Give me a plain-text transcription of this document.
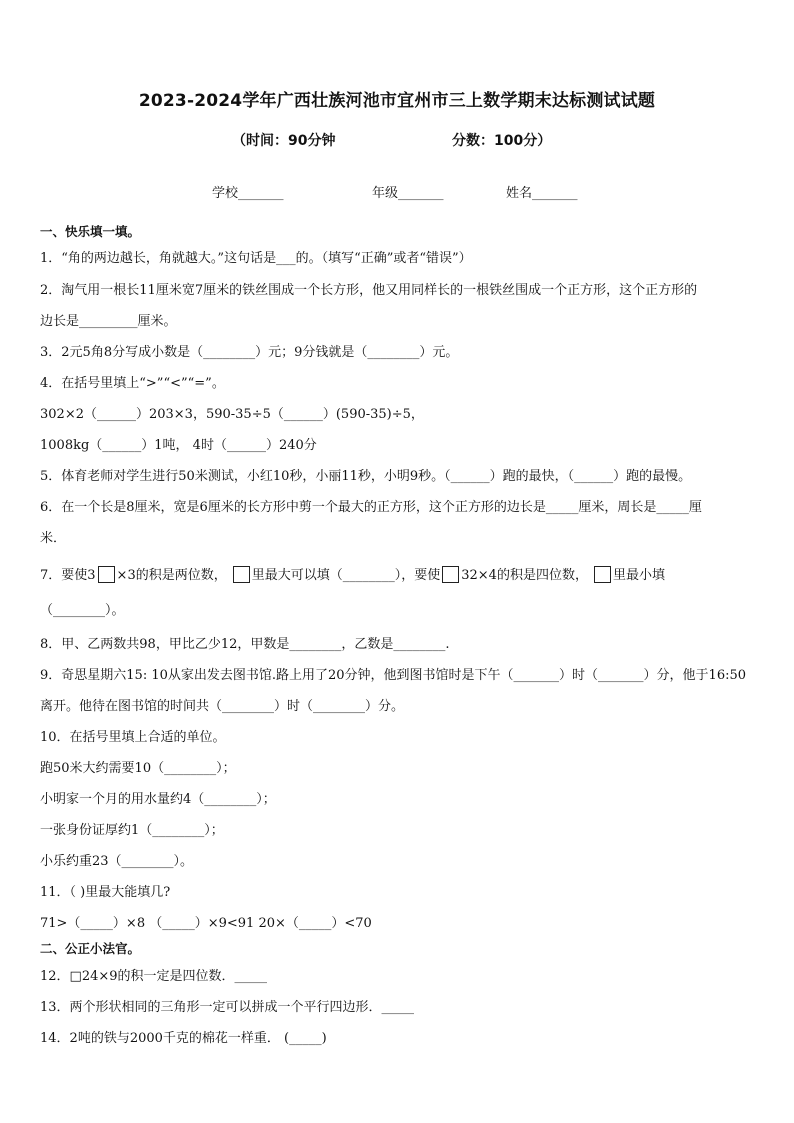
2023-2024学年广西壮族河池市宜州市三上数学期末达标测试试题
（时间：90分钟	分数：100分）
学校_______	年级_______	姓名_______
一、快乐填一填。
1．“角的两边越长，角就越大。”这句话是___的。（填写“正确”或者“错误”）
2．淘气用一根长11厘米宽7厘米的铁丝围成一个长方形，他又用同样长的一根铁丝围成一个正方形，这个正方形的
边长是_________厘米。
3．2元5角8分写成小数是（________）元；9分钱就是（________）元。
4．在括号里填上“>”“<”“=”。
302×2（______）203×3，590-35÷5（______）(590-35)÷5，
1008kg（______）1吨， 4时（______）240分
5．体育老师对学生进行50米测试，小红10秒，小丽11秒，小明9秒。（______）跑的最快，（______）跑的最慢。
6．在一个长是8厘米，宽是6厘米的长方形中剪一个最大的正方形，这个正方形的边长是_____厘米，周长是_____厘
米．
7．要使3 ×3的积是两位数， 里最大可以填（________），要使 32×4的积是四位数， 里最小填
（________）。
8．甲、乙两数共98，甲比乙少12，甲数是________，乙数是________.
9．奇思星期六15: 10从家出发去图书馆.路上用了20分钟，他到图书馆时是下午（_______）时（_______）分，他于16:50
离开。他待在图书馆的时间共（________）时（________）分。
10．在括号里填上合适的单位。
跑50米大约需要10（________）；
小明家一个月的用水量约4（________）；
一张身份证厚约1（________）；
小乐约重23（________）。
11．（ )里最大能填几?
71>（_____）×8 （_____）×9<91 20×（_____）<70
二、公正小法官。
12．□24×9的积一定是四位数．_____
13．两个形状相同的三角形一定可以拼成一个平行四边形．_____
14．2吨的铁与2000千克的棉花一样重． (_____)
